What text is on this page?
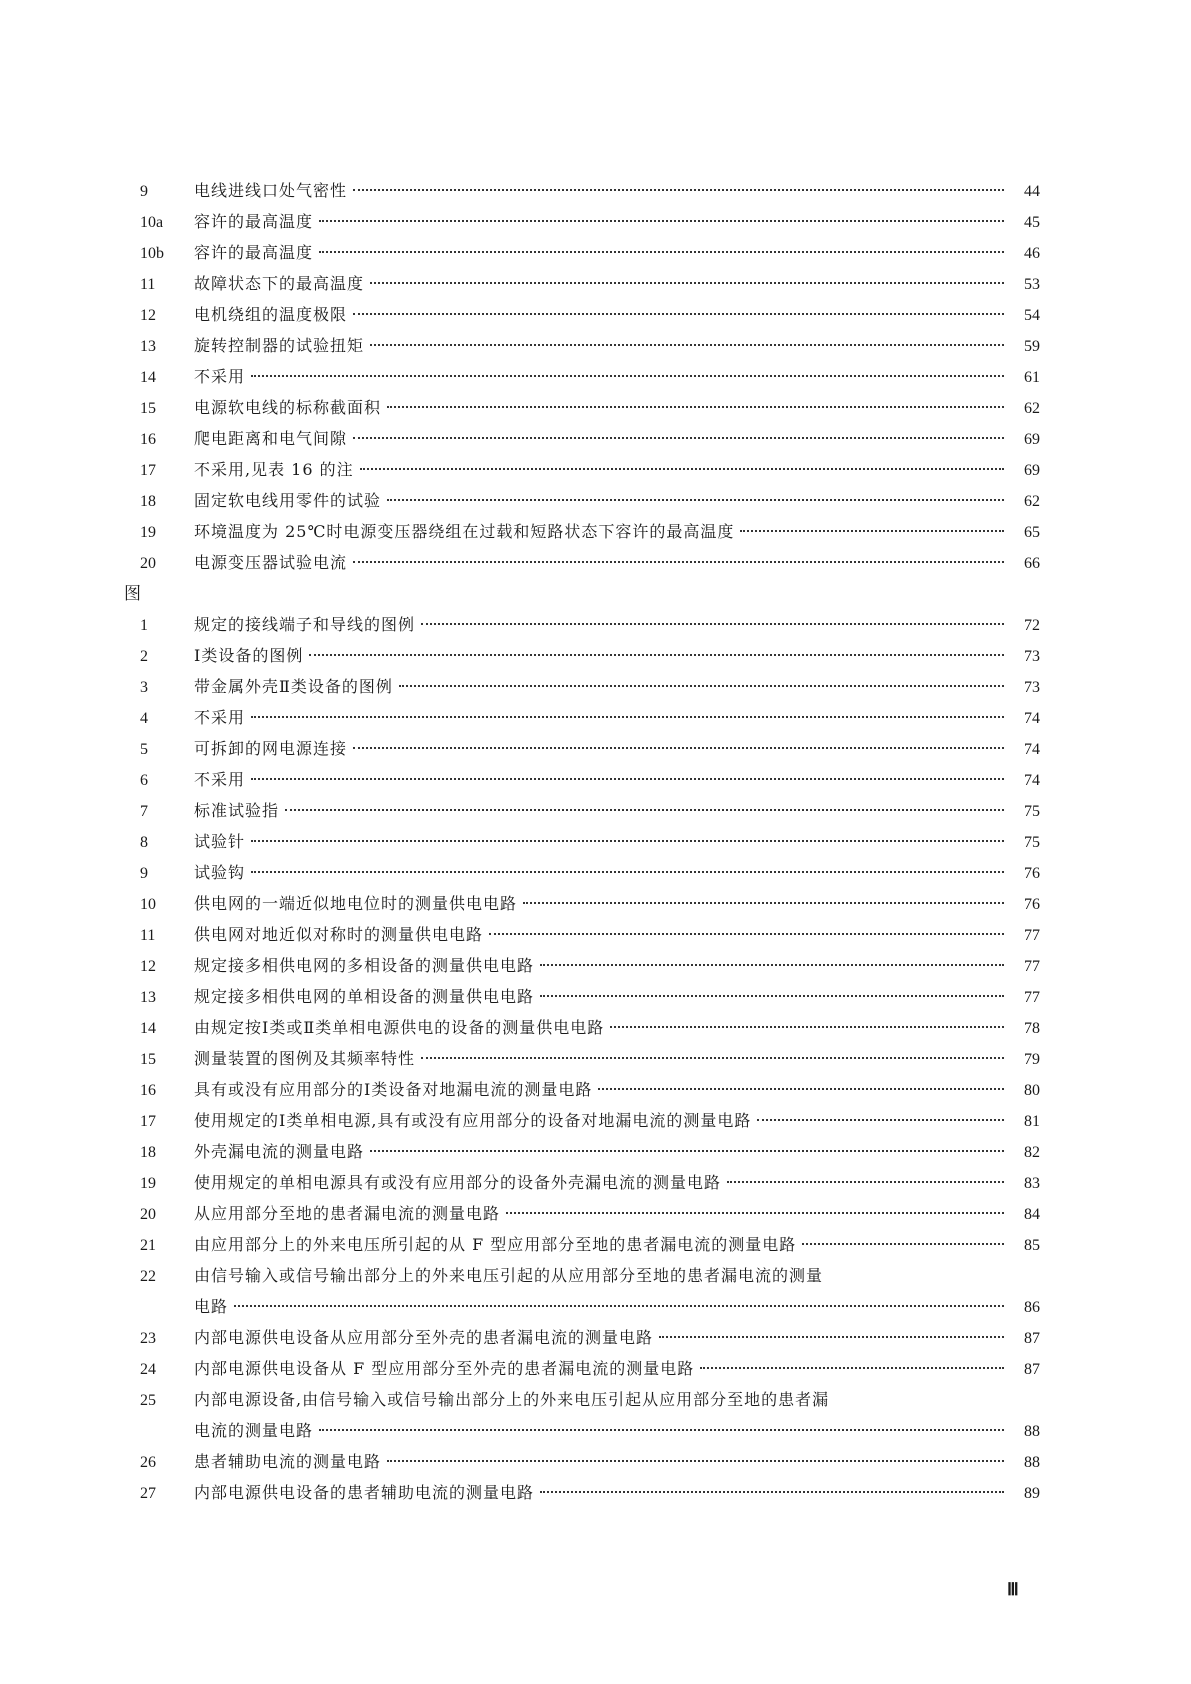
9	电线进线口处气密性	44
10a	容许的最高温度	45
10b	容许的最高温度	46
11	故障状态下的最高温度	53
12	电机绕组的温度极限	54
13	旋转控制器的试验扭矩	59
14	不采用	61
15	电源软电线的标称截面积	62
16	爬电距离和电气间隙	69
17	不采用,见表 16 的注	69
18	固定软电线用零件的试验	62
19	环境温度为 25℃时电源变压器绕组在过载和短路状态下容许的最高温度	65
20	电源变压器试验电流	66
图
1	规定的接线端子和导线的图例	72
2	Ⅰ类设备的图例	73
3	带金属外壳Ⅱ类设备的图例	73
4	不采用	74
5	可拆卸的网电源连接	74
6	不采用	74
7	标准试验指	75
8	试验针	75
9	试验钩	76
10	供电网的一端近似地电位时的测量供电电路	76
11	供电网对地近似对称时的测量供电电路	77
12	规定接多相供电网的多相设备的测量供电电路	77
13	规定接多相供电网的单相设备的测量供电电路	77
14	由规定按Ⅰ类或Ⅱ类单相电源供电的设备的测量供电电路	78
15	测量装置的图例及其频率特性	79
16	具有或没有应用部分的Ⅰ类设备对地漏电流的测量电路	80
17	使用规定的Ⅰ类单相电源,具有或没有应用部分的设备对地漏电流的测量电路	81
18	外壳漏电流的测量电路	82
19	使用规定的单相电源具有或没有应用部分的设备外壳漏电流的测量电路	83
20	从应用部分至地的患者漏电流的测量电路	84
21	由应用部分上的外来电压所引起的从 F 型应用部分至地的患者漏电流的测量电路	85
22	由信号输入或信号输出部分上的外来电压引起的从应用部分至地的患者漏电流的测量
电路	86
23	内部电源供电设备从应用部分至外壳的患者漏电流的测量电路	87
24	内部电源供电设备从 F 型应用部分至外壳的患者漏电流的测量电路	87
25	内部电源设备,由信号输入或信号输出部分上的外来电压引起从应用部分至地的患者漏
电流的测量电路	88
26	患者辅助电流的测量电路	88
27	内部电源供电设备的患者辅助电流的测量电路	89
Ⅲ
